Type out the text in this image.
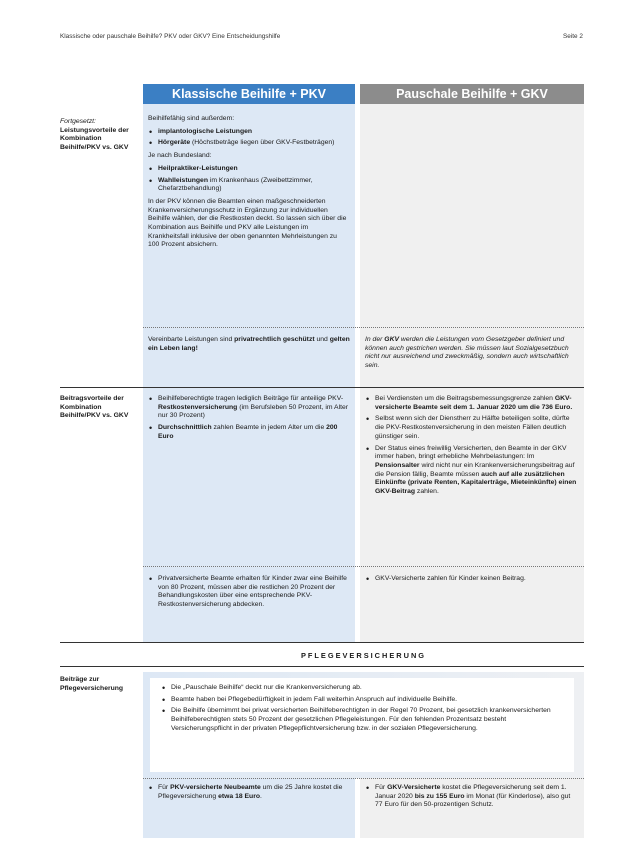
Klassische oder pauschale Beihilfe? PKV oder GKV? Eine Entscheidungshilfe	Seite 2
Klassische Beihilfe + PKV	Pauschale Beihilfe + GKV
Fortgesetzt:
Leistungsvorteile der Kombination Beihilfe/PKV vs. GKV

Beihilfefähig sind außerdem:

• implantologische Leistungen
• Hörgeräte (Höchstbeträge liegen über GKV-Festbeträgen)

Je nach Bundesland:

• Heilpraktiker-Leistungen
• Wahlleistungen im Krankenhaus (Zweibettzimmer, Chefarztbehandlung)

In der PKV können die Beamten einen maßgeschneiderten Krankenversicherungsschutz in Ergänzung zur individuellen Beihilfe wählen, der die Restkosten deckt. So lassen sich über die Kombination aus Beihilfe und PKV alle Leistungen im Krankheitsfall inklusive der oben genannten Mehrleistungen zu 100 Prozent absichern.

Vereinbarte Leistungen sind privatrechtlich geschützt und gelten ein Leben lang!
In der GKV werden die Leistungen vom Gesetzgeber definiert und können auch gestrichen werden. Sie müssen laut Sozialgesetzbuch nicht nur ausreichend und zweckmäßig, sondern auch wirtschaftlich sein.
Beitragsvorteile der Kombination Beihilfe/PKV vs. GKV
• Beihilfeberechtigte tragen lediglich Beiträge für anteilige PKV-Restkostenversicherung (im Berufsleben 50 Prozent, im Alter nur 30 Prozent)
• Durchschnittlich zahlen Beamte in jedem Alter um die 200 Euro
• Bei Verdiensten um die Beitragsbemessungsgrenze zahlen GKV-versicherte Beamte seit dem 1. Januar 2020 um die 736 Euro.
• Selbst wenn sich der Dienstherr zu Hälfte beteiligen sollte, dürfte die PKV-Restkostenversicherung in den meisten Fällen deutlich günstiger sein.
• Der Status eines freiwillig Versicherten, den Beamte in der GKV immer haben, bringt erhebliche Mehrbelastungen: Im Pensionsalter wird nicht nur ein Krankenversicherungsbeitrag auf die Pension fällig, Beamte müssen auch auf alle zusätzlichen Einkünfte (private Renten, Kapitalerträge, Mieteinkünfte) einen GKV-Beitrag zahlen.
• Privatversicherte Beamte erhalten für Kinder zwar eine Beihilfe von 80 Prozent, müssen aber die restlichen 20 Prozent der Behandlungskosten über eine entsprechende PKV-Restkostenversicherung abdecken.
• GKV-Versicherte zahlen für Kinder keinen Beitrag.
PFLEGEVERSICHERUNG
Beiträge zur Pflegeversicherung
•	Die „Pauschale Beihilfe“ deckt nur die Krankenversicherung ab.
• Beamte haben bei Pflegebedürftigkeit in jedem Fall weiterhin Anspruch auf individuelle Beihilfe.
• Die Beihilfe übernimmt bei privat versicherten Beihilfeberechtigten in der Regel 70 Prozent, bei gesetzlich krankenversicherten Beihilfeberechtigten stets 50 Prozent der gesetzlichen Pflegeleistungen. Für den fehlenden Prozentsatz besteht Versicherungspflicht in der privaten Pflegepflichtversicherung bzw. in der sozialen Pflegeversicherung.
• Für PKV-versicherte Neubeamte um die 25 Jahre kostet die Pflegeversicherung etwa 18 Euro.
• Für GKV-Versicherte kostet die Pflegeversicherung seit dem 1. Januar 2020 bis zu 155 Euro im Monat (für Kinderlose), also gut 77 Euro für den 50-prozentigen Schutz.
